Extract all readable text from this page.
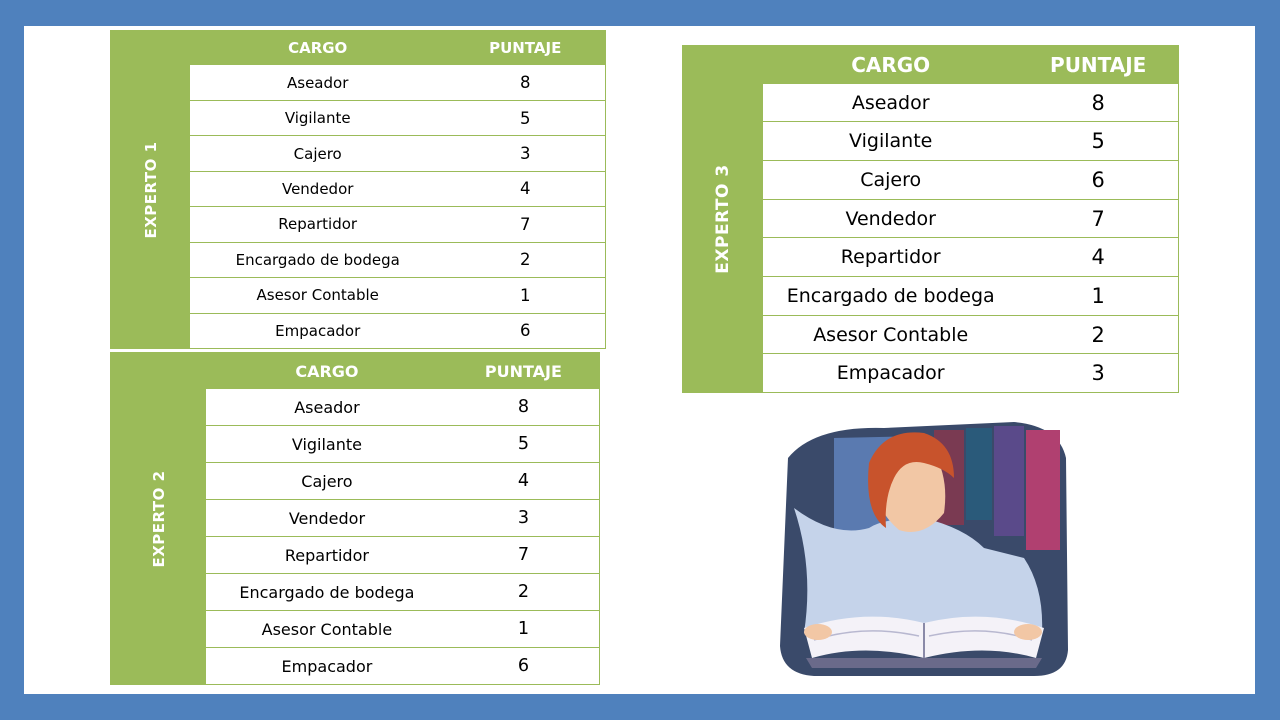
EXPERTO 1
CARGO	PUNTAJE
Aseador	8
Vigilante	5
Cajero	3
Vendedor	4
Repartidor	7
Encargado de bodega	2
Asesor Contable	1
Empacador	6
EXPERTO 2
CARGO	PUNTAJE
Aseador	8
Vigilante	5
Cajero	4
Vendedor	3
Repartidor	7
Encargado de bodega	2
Asesor Contable	1
Empacador	6
EXPERTO 3
CARGO	PUNTAJE
Aseador	8
Vigilante	5
Cajero	6
Vendedor	7
Repartidor	4
Encargado de bodega	1
Asesor Contable	2
Empacador	3
